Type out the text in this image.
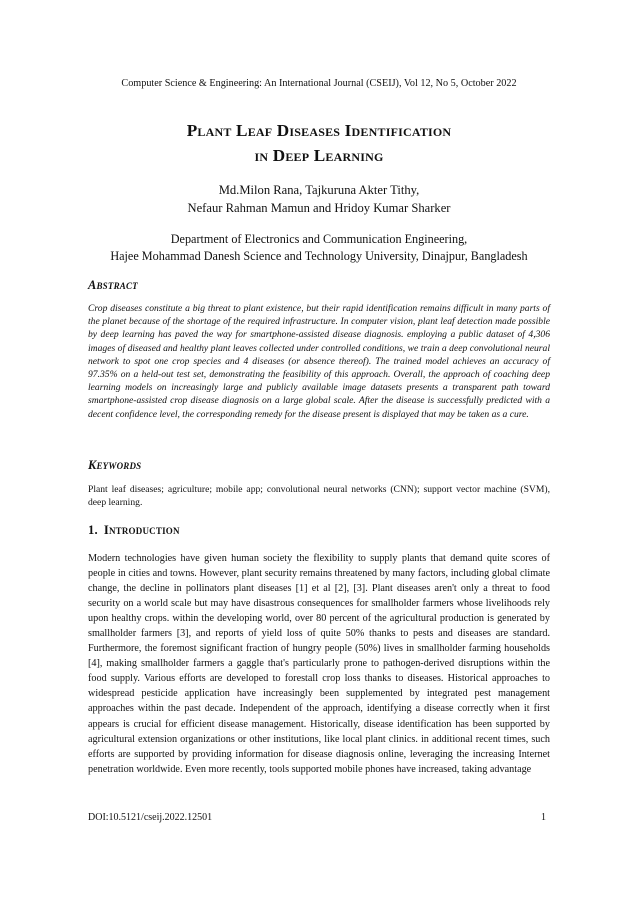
Computer Science & Engineering: An International Journal (CSEIJ), Vol 12, No 5, October 2022
Plant Leaf Diseases Identification
in Deep Learning
Md.Milon Rana, Tajkuruna Akter Tithy,
Nefaur Rahman Mamun and Hridoy Kumar Sharker
Department of Electronics and Communication Engineering,
Hajee Mohammad Danesh Science and Technology University, Dinajpur, Bangladesh
Abstract
Crop diseases constitute a big threat to plant existence, but their rapid identification remains difficult in many parts of the planet because of the shortage of the required infrastructure. In computer vision, plant leaf detection made possible by deep learning has paved the way for smartphone-assisted disease diagnosis. employing a public dataset of 4,306 images of diseased and healthy plant leaves collected under controlled conditions, we train a deep convolutional neural network to spot one crop species and 4 diseases (or absence thereof). The trained model achieves an accuracy of 97.35% on a held-out test set, demonstrating the feasibility of this approach. Overall, the approach of coaching deep learning models on increasingly large and publicly available image datasets presents a transparent path toward smartphone-assisted crop disease diagnosis on a large global scale. After the disease is successfully predicted with a decent confidence level, the corresponding remedy for the disease present is displayed that may be taken as a cure.
Keywords
Plant leaf diseases; agriculture; mobile app; convolutional neural networks (CNN); support vector machine (SVM), deep learning.
1. Introduction
Modern technologies have given human society the flexibility to supply plants that demand quite scores of people in cities and towns. However, plant security remains threatened by many factors, including global climate change, the decline in pollinators plant diseases [1] et al [2], [3]. Plant diseases aren't only a threat to food security on a world scale but may have disastrous consequences for smallholder farmers whose livelihoods rely upon healthy crops. within the developing world, over 80 percent of the agricultural production is generated by smallholder farmers [3], and reports of yield loss of quite 50% thanks to pests and diseases are standard. Furthermore, the foremost significant fraction of hungry people (50%) lives in smallholder farming households [4], making smallholder farmers a gaggle that's particularly prone to pathogen-derived disruptions within the food supply. Various efforts are developed to forestall crop loss thanks to diseases. Historical approaches to widespread pesticide application have increasingly been supplemented by integrated pest management approaches within the past decade. Independent of the approach, identifying a disease correctly when it first appears is crucial for efficient disease management. Historically, disease identification has been supported by agricultural extension organizations or other institutions, like local plant clinics. in additional recent times, such efforts are supported by providing information for disease diagnosis online, leveraging the increasing Internet penetration worldwide. Even more recently, tools supported mobile phones have increased, taking advantage
DOI:10.5121/cseij.2022.12501	1
